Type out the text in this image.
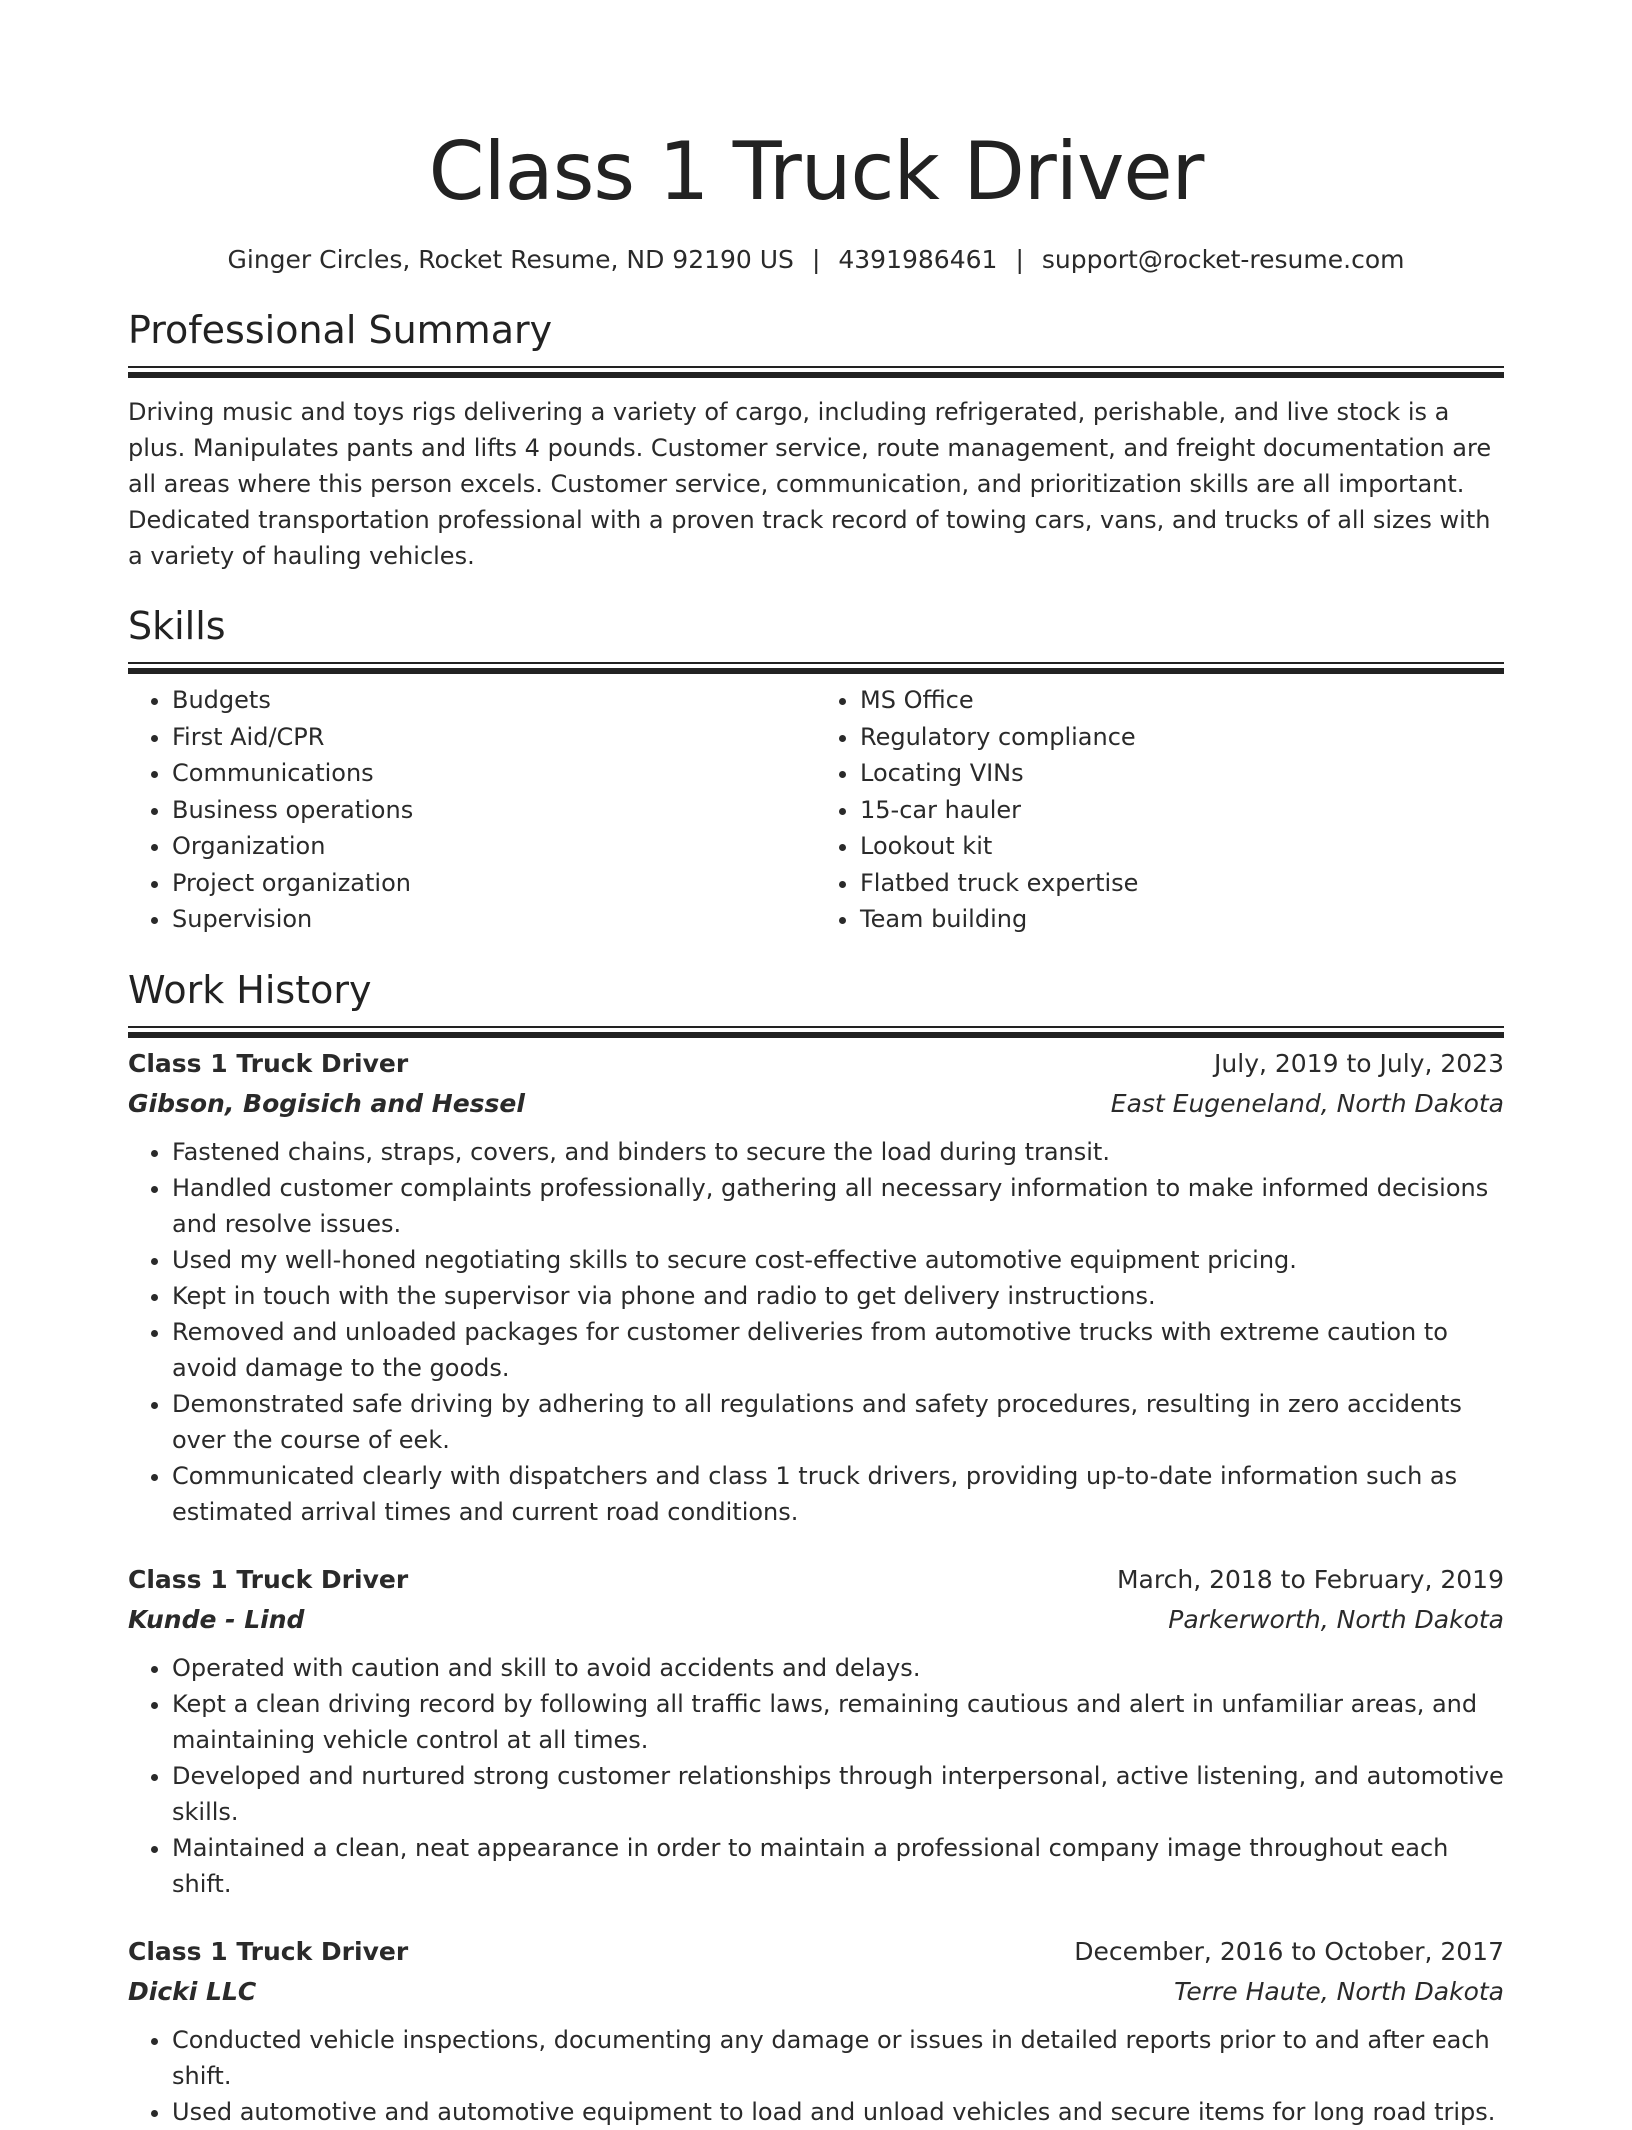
Class 1 Truck Driver
Ginger Circles, Rocket Resume, ND 92190 US | 4391986461 | support@rocket-resume.com
Professional Summary

Driving music and toys rigs delivering a variety of cargo, including refrigerated, perishable, and live stock is a plus. Manipulates pants and lifts 4 pounds. Customer service, route management, and freight documentation are all areas where this person excels. Customer service, communication, and prioritization skills are all important. Dedicated transportation professional with a proven track record of towing cars, vans, and trucks of all sizes with a variety of hauling vehicles.

Skills
• Budgets
• First Aid/CPR
• Communications
• Business operations
• Organization
• Project organization
• Supervision
• MS Office
• Regulatory compliance
• Locating VINs
• 15-car hauler
• Lookout kit
• Flatbed truck expertise
• Team building
Work History
Class 1 Truck Driver	July, 2019 to July, 2023
Gibson, Bogisich and Hessel	East Eugeneland, North Dakota
• Fastened chains, straps, covers, and binders to secure the load during transit.
• Handled customer complaints professionally, gathering all necessary information to make informed decisions and resolve issues.
• Used my well-honed negotiating skills to secure cost-effective automotive equipment pricing.
• Kept in touch with the supervisor via phone and radio to get delivery instructions.
• Removed and unloaded packages for customer deliveries from automotive trucks with extreme caution to avoid damage to the goods.
• Demonstrated safe driving by adhering to all regulations and safety procedures, resulting in zero accidents over the course of eek.
• Communicated clearly with dispatchers and class 1 truck drivers, providing up-to-date information such as estimated arrival times and current road conditions.
Class 1 Truck Driver	March, 2018 to February, 2019
Kunde - Lind	Parkerworth, North Dakota
• Operated with caution and skill to avoid accidents and delays.
• Kept a clean driving record by following all traffic laws, remaining cautious and alert in unfamiliar areas, and maintaining vehicle control at all times.
• Developed and nurtured strong customer relationships through interpersonal, active listening, and automotive skills.
• Maintained a clean, neat appearance in order to maintain a professional company image throughout each shift.
Class 1 Truck Driver	December, 2016 to October, 2017
Dicki LLC	Terre Haute, North Dakota
• Conducted vehicle inspections, documenting any damage or issues in detailed reports prior to and after each shift.
• Used automotive and automotive equipment to load and unload vehicles and secure items for long road trips.
